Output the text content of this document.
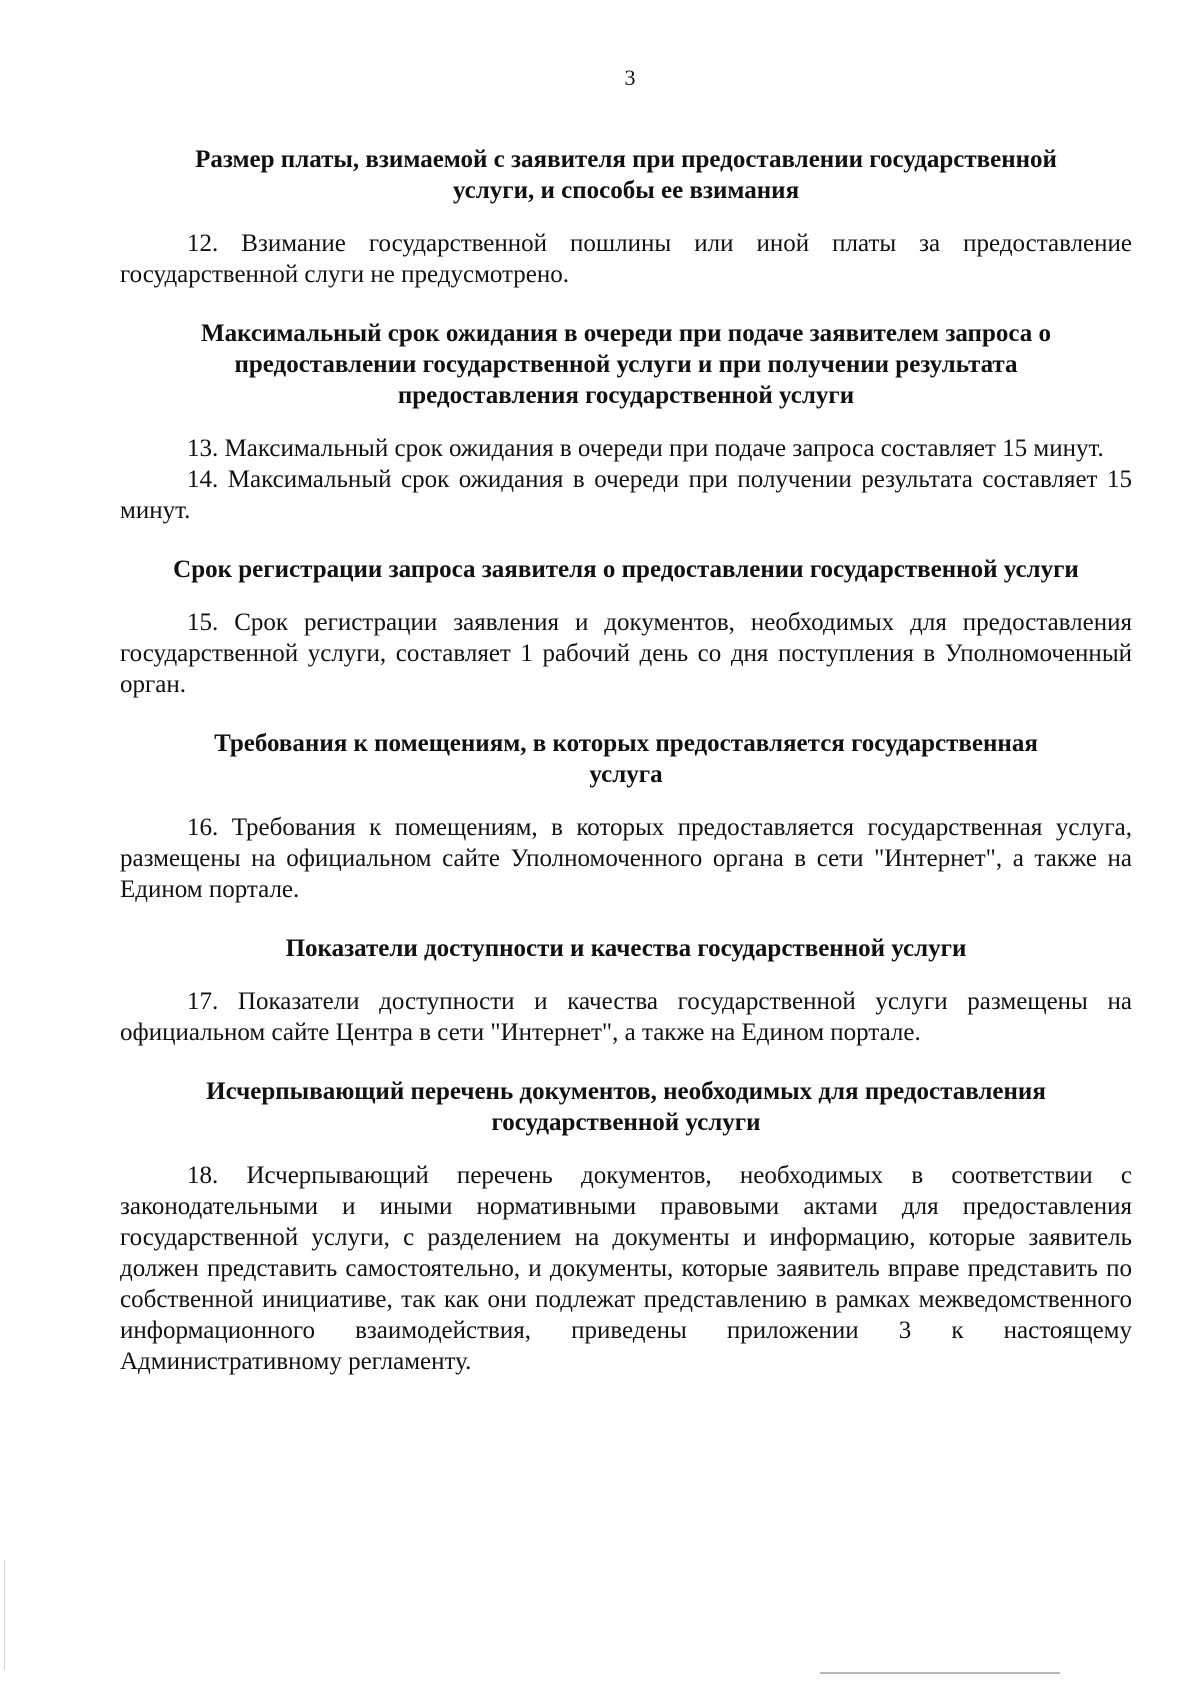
3
Размер платы, взимаемой с заявителя при предоставлении государственной услуги, и способы ее взимания

12. Взимание государственной пошлины или иной платы за предоставление государственной слуги не предусмотрено.

Максимальный срок ожидания в очереди при подаче заявителем запроса о предоставлении государственной услуги и при получении результата предоставления государственной услуги

13. Максимальный срок ожидания в очереди при подаче запроса составляет 15 минут.

14. Максимальный срок ожидания в очереди при получении результата составляет 15 минут.

Срок регистрации запроса заявителя о предоставлении государственной услуги

15. Срок регистрации заявления и документов, необходимых для предоставления государственной услуги, составляет 1 рабочий день со дня поступления в Уполномоченный орган.

Требования к помещениям, в которых предоставляется государственная услуга

16. Требования к помещениям, в которых предоставляется государственная услуга, размещены на официальном сайте Уполномоченного органа в сети "Интернет", а также на Едином портале.

Показатели доступности и качества государственной услуги

17. Показатели доступности и качества государственной услуги размещены на официальном сайте Центра в сети "Интернет", а также на Едином портале.

Исчерпывающий перечень документов, необходимых для предоставления государственной услуги

18. Исчерпывающий перечень документов, необходимых в соответствии с законодательными и иными нормативными правовыми актами для предоставления государственной услуги, с разделением на документы и информацию, которые заявитель должен представить самостоятельно, и документы, которые заявитель вправе представить по собственной инициативе, так как они подлежат представлению в рамках межведомственного информационного взаимодействия, приведены приложении 3 к настоящему Административному регламенту.
